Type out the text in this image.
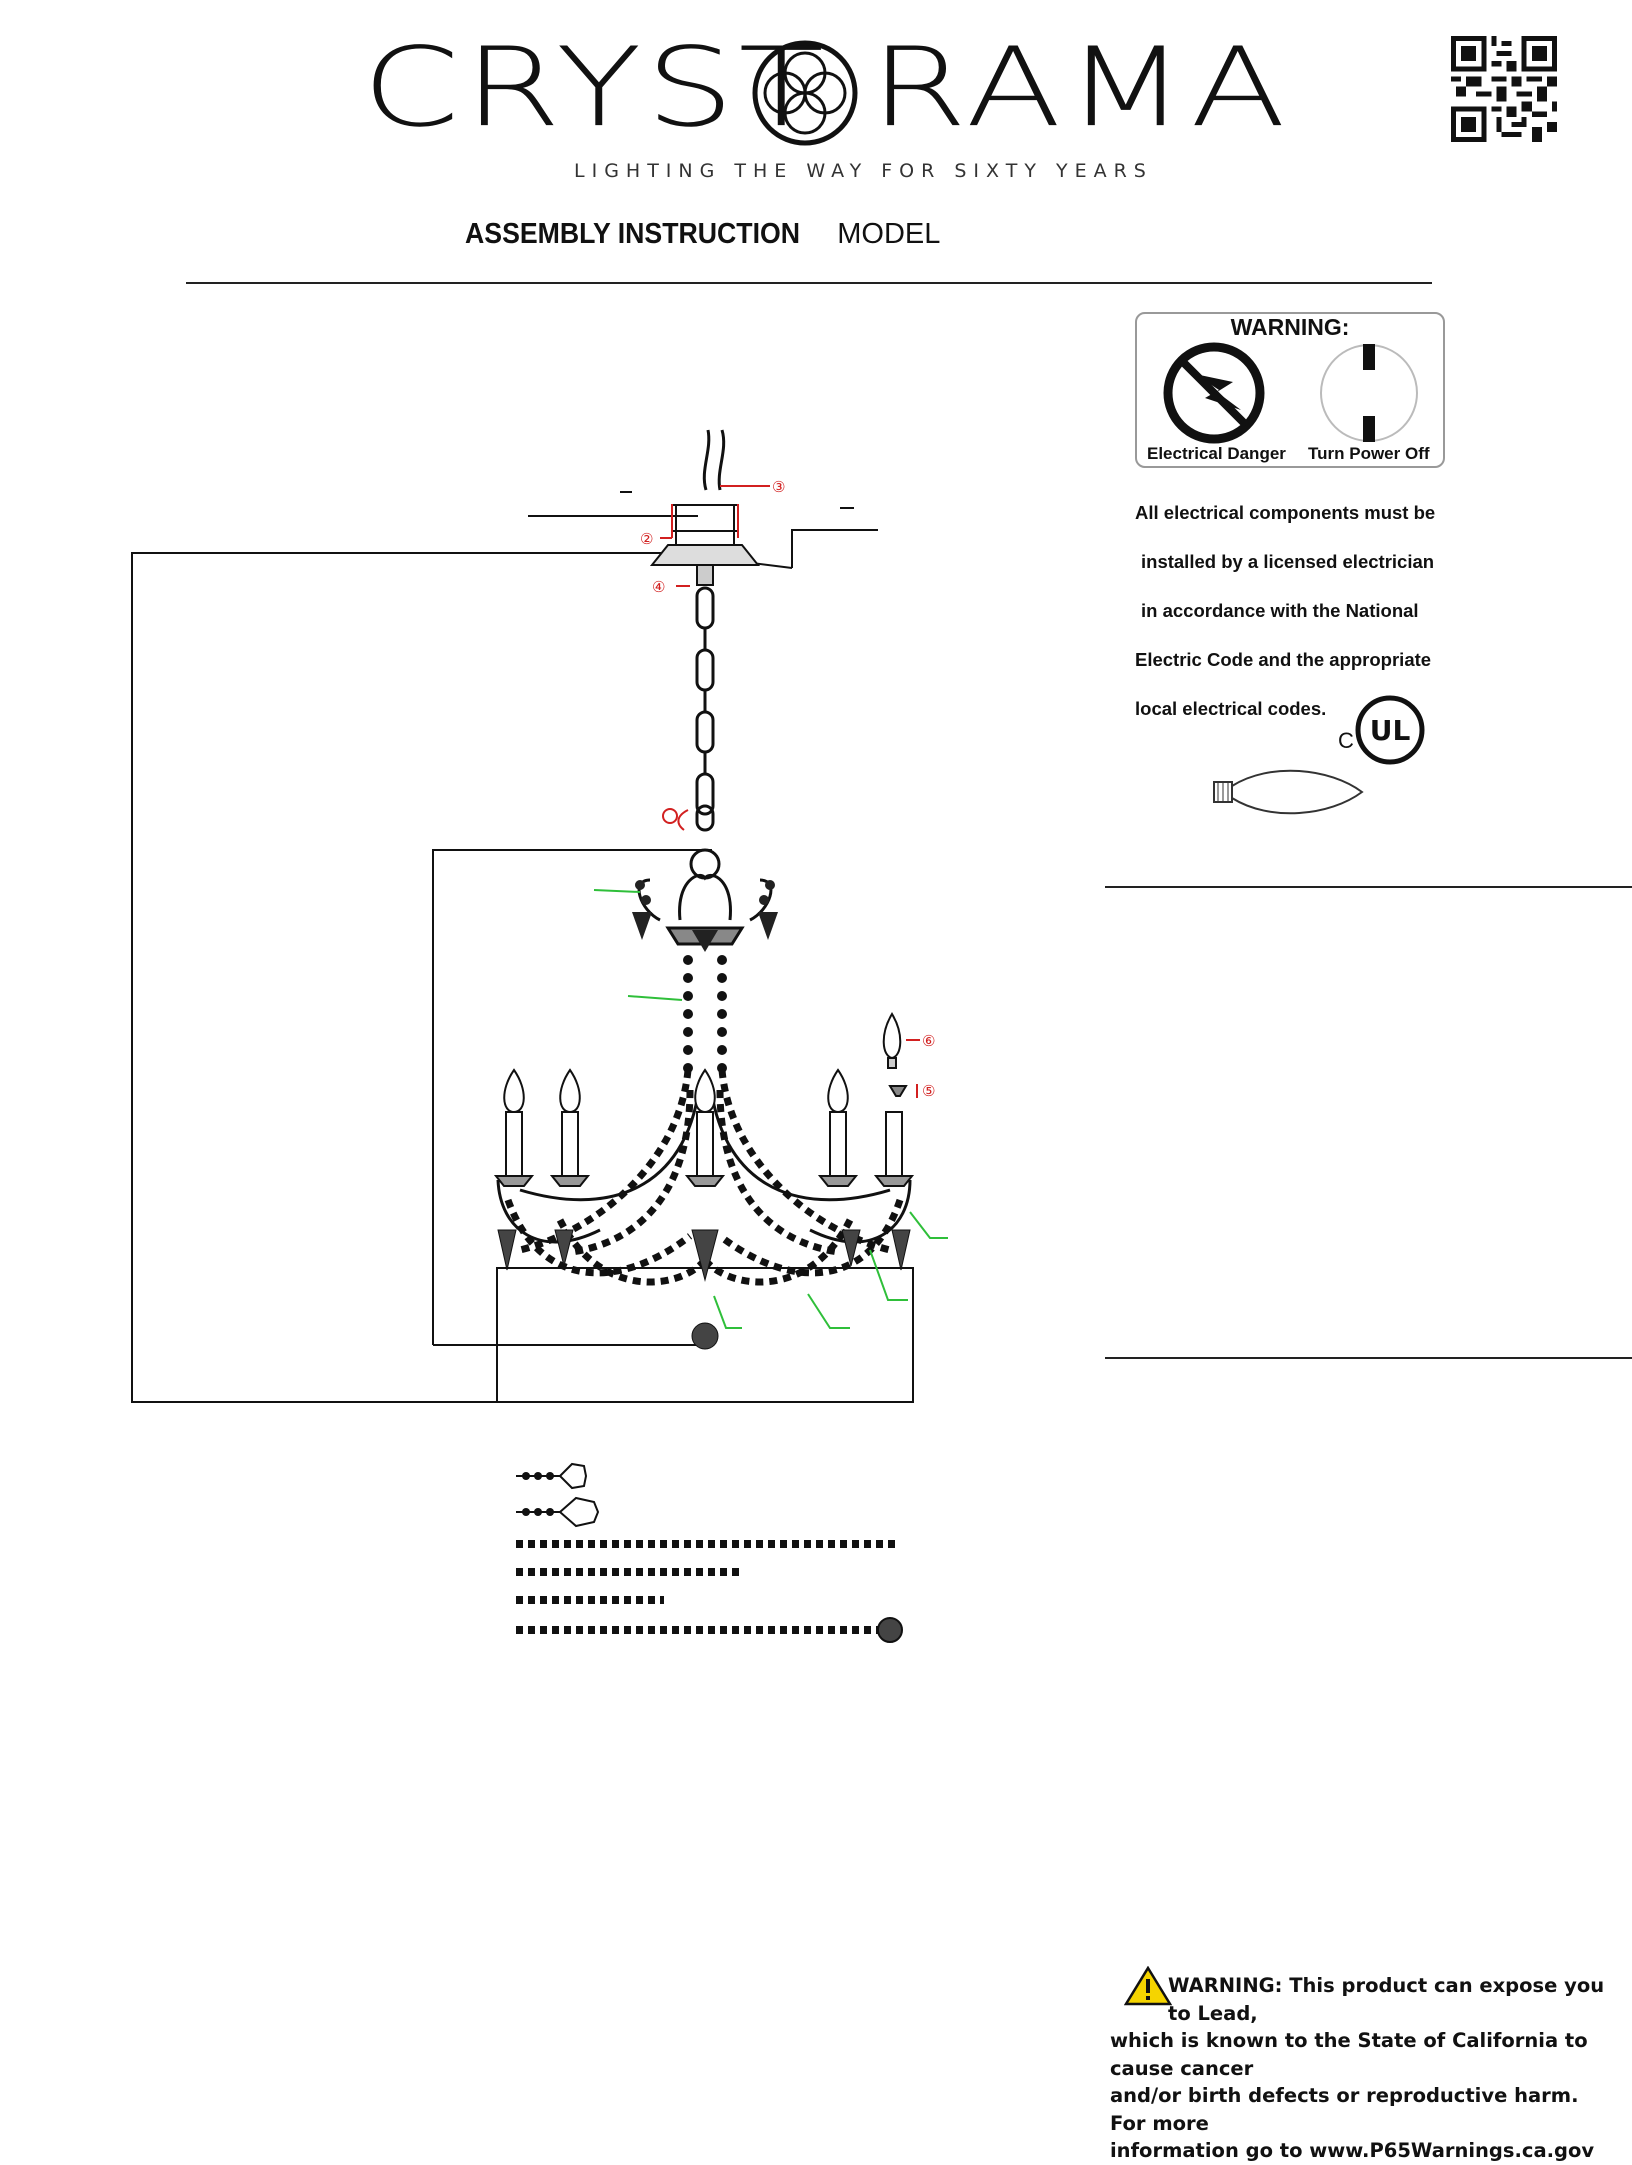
CRYST RAMA
LIGHTING THE WAY FOR SIXTY YEARS
ASSEMBLY INSTRUCTION MODEL
WARNING:
Electrical Danger Turn Power Off
All electrical components must be
installed by a licensed electrician
in accordance with the National
Electric Code and the appropriate
local electrical codes.
C UL
③
②
④
⑥
⑤
WARNING: This product can expose you to Lead,
which is known to the State of California to cause cancer
and/or birth defects or reproductive harm. For more
information go to www.P65Warnings.ca.gov
